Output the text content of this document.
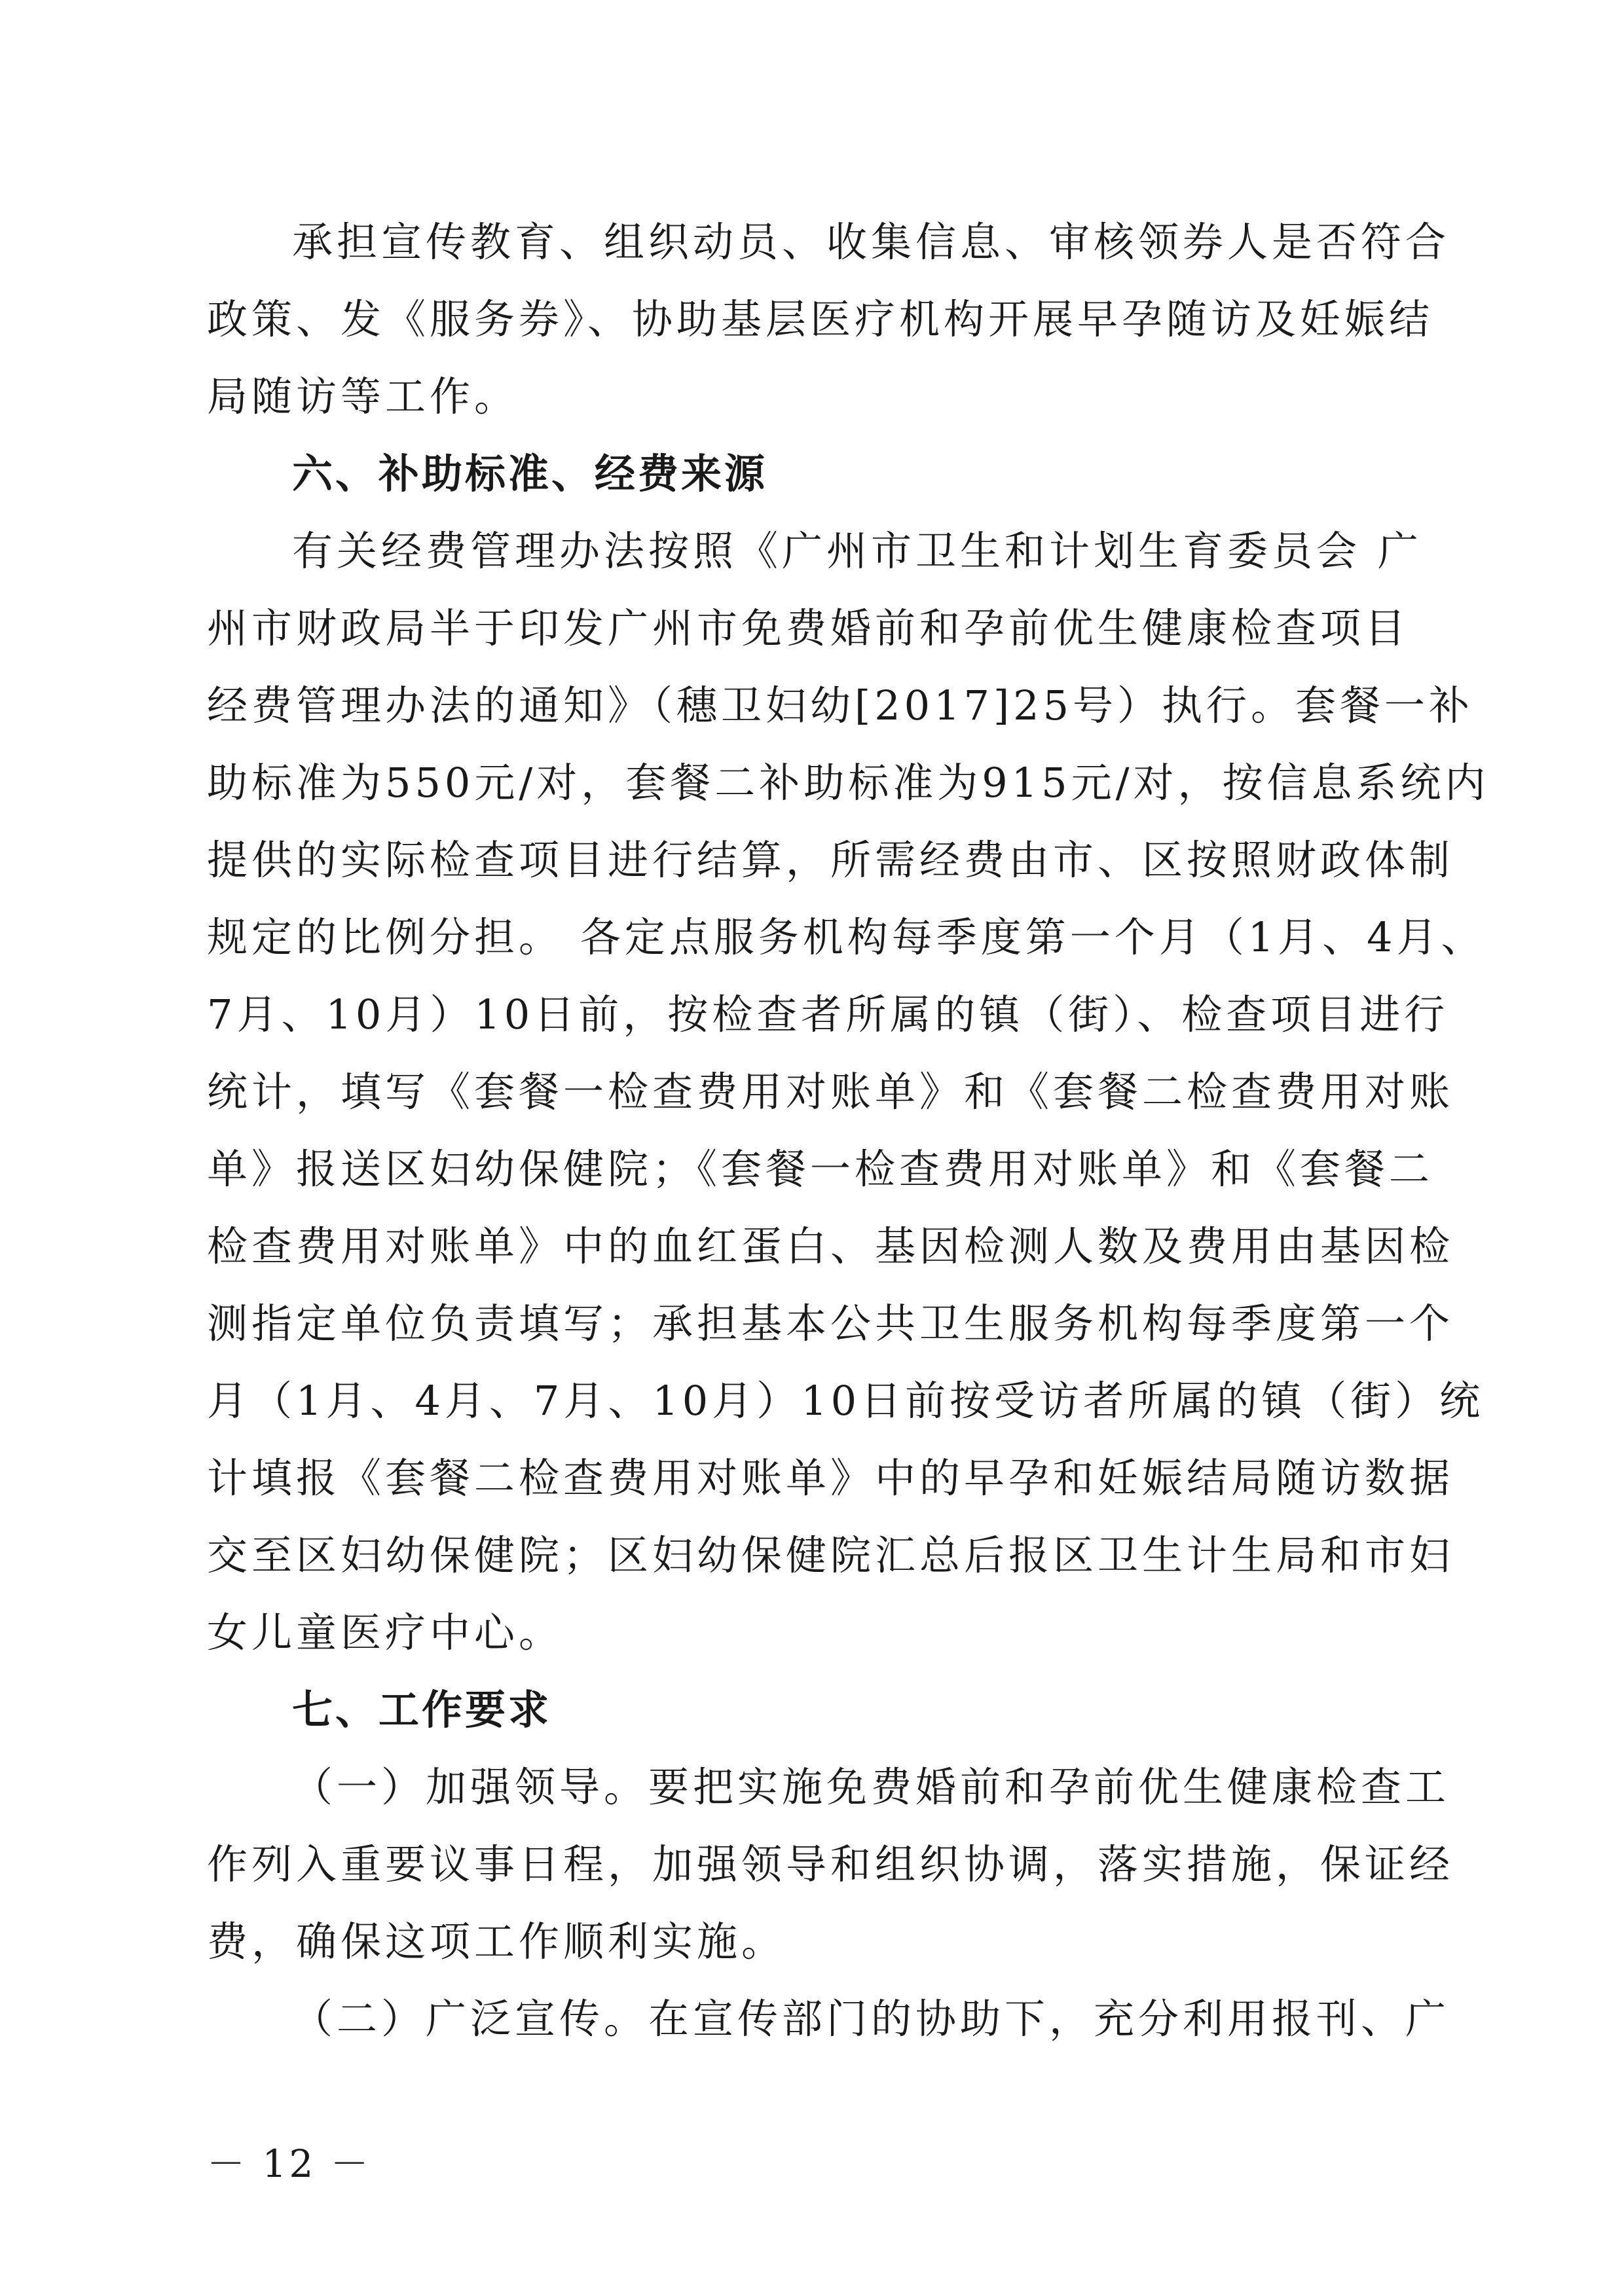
承担宣传教育、组织动员、收集信息、审核领券人是否符合
政策、发《服务券》、协助基层医疗机构开展早孕随访及妊娠结
局随访等工作。
六、补助标准、经费来源
有关经费管理办法按照《广州市卫生和计划生育委员会 广
州市财政局半于印发广州市免费婚前和孕前优生健康检查项目
经费管理办法的通知》（穗卫妇幼[2017]25号）执行。套餐一补
助标准为550元/对，套餐二补助标准为915元/对，按信息系统内
提供的实际检查项目进行结算，所需经费由市、区按照财政体制
规定的比例分担。 各定点服务机构每季度第一个月（1月、4月、
7月、10月）10日前，按检查者所属的镇（街）、检查项目进行
统计，填写《套餐一检查费用对账单》和《套餐二检查费用对账
单》报送区妇幼保健院；《套餐一检查费用对账单》和《套餐二
检查费用对账单》中的血红蛋白、基因检测人数及费用由基因检
测指定单位负责填写；承担基本公共卫生服务机构每季度第一个
月（1月、4月、7月、10月）10日前按受访者所属的镇（街）统
计填报《套餐二检查费用对账单》中的早孕和妊娠结局随访数据
交至区妇幼保健院；区妇幼保健院汇总后报区卫生计生局和市妇
女儿童医疗中心。
七、工作要求
（一）加强领导。要把实施免费婚前和孕前优生健康检查工
作列入重要议事日程，加强领导和组织协调，落实措施，保证经
费，确保这项工作顺利实施。
（二）广泛宣传。在宣传部门的协助下，充分利用报刊、广
－ 12 －
